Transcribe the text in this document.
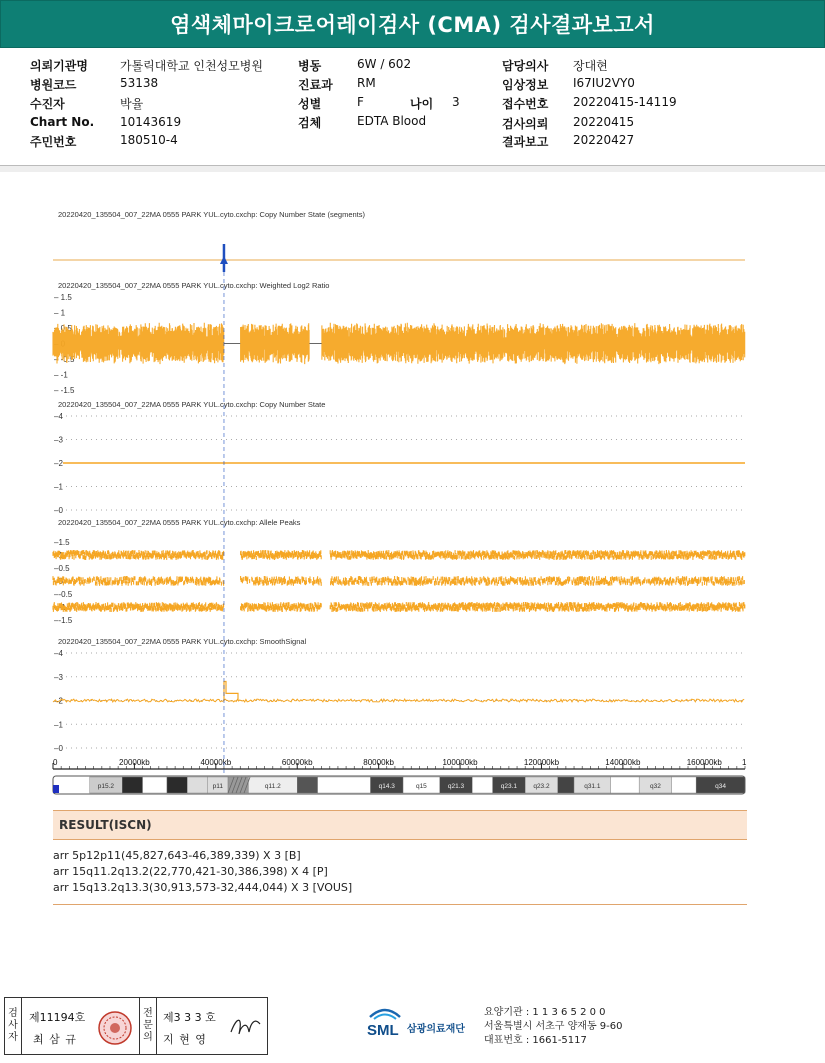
염색체마이크로어레이검사 (CMA) 검사결과보고서
의뢰기관명	가톨릭대학교 인천성모병원
병원코드	53138
수진자	박율
Chart No. 10143619
주민번호	180510-4
병동	6W / 602
진료과 RM
성별	F	나이 3
검체	EDTA Blood
담당의사 장대현
임상정보 I67IU2VY0
접수번호 20220415-14119
검사의뢰 20220415
결과보고 20220427
20220420_135504_007_22MA 0555 PARK YUL.cyto.cxchp: Copy Number State (segments)
20220420_135504_007_22MA 0555 PARK YUL.cyto.cxchp: Weighted Log2 Ratio
20220420_135504_007_22MA 0555 PARK YUL.cyto.cxchp: Copy Number State
20220420_135504_007_22MA 0555 PARK YUL.cyto.cxchp: Allele Peaks
20220420_135504_007_22MA 0555 PARK YUL.cyto.cxchp: SmoothSignal
– 1.5
– 1
– 0.5
– 0
– -0.5
– -1
– -1.5
–4
–3
–2
–1
–0
–1.5
–1
–0.5
–0
–-0.5
–-1
–-1.5
–4
–3
–2
–1
–0
0	20000kb	40000kb	60000kb	80000kb	100000kb	120000kb	140000kb	160000kb	1
p15.2	p11	q11.2	q14.3	q15	q21.3	q23.1	q23.2	q31.1	q32	q34
RESULT(ISCN)
arr 5p12p11(45,827,643-46,389,339) X 3 [B]
arr 15q11.2q13.2(22,770,421-30,386,398) X 4 [P]
arr 15q13.2q13.3(30,913,573-32,444,044) X 3 [VOUS]
검사자
제11194호
최 삼 규
전문의
제3 3 3 호
지 현 영
SML 삼광의료재단
요양기관 : 1 1 3 6 5 2 0 0
서울특별시 서초구 양재동 9-60
대표번호 : 1661-5117
